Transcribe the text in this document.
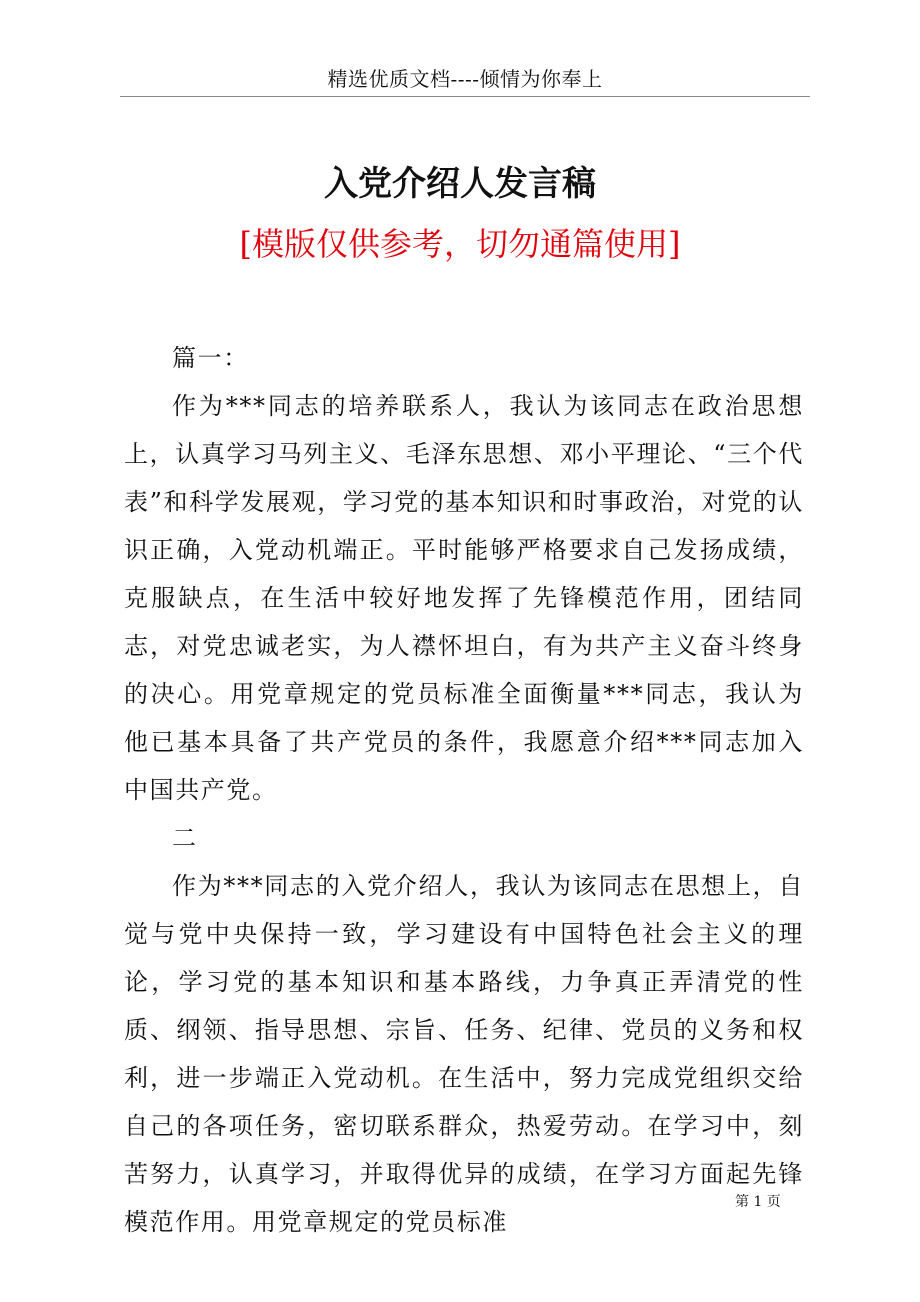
精选优质文档----倾情为你奉上
入党介绍人发言稿
[模版仅供参考，切勿通篇使用]

篇一：

作为***同志的培养联系人，我认为该同志在政治思想上，认真学习马列主义、毛泽东思想、邓小平理论、“三个代表”和科学发展观，学习党的基本知识和时事政治，对党的认识正确，入党动机端正。平时能够严格要求自己发扬成绩，克服缺点，在生活中较好地发挥了先锋模范作用，团结同志，对党忠诚老实，为人襟怀坦白，有为共产主义奋斗终身的决心。用党章规定的党员标准全面衡量***同志，我认为他已基本具备了共产党员的条件，我愿意介绍***同志加入中国共产党。

二

作为***同志的入党介绍人，我认为该同志在思想上，自觉与党中央保持一致，学习建设有中国特色社会主义的理论，学习党的基本知识和基本路线，力争真正弄清党的性质、纲领、指导思想、宗旨、任务、纪律、党员的义务和权利，进一步端正入党动机。在生活中，努力完成党组织交给自己的各项任务，密切联系群众，热爱劳动。在学习中，刻苦努力，认真学习，并取得优异的成绩，在学习方面起先锋模范作用。用党章规定的党员标准

第 1 页
